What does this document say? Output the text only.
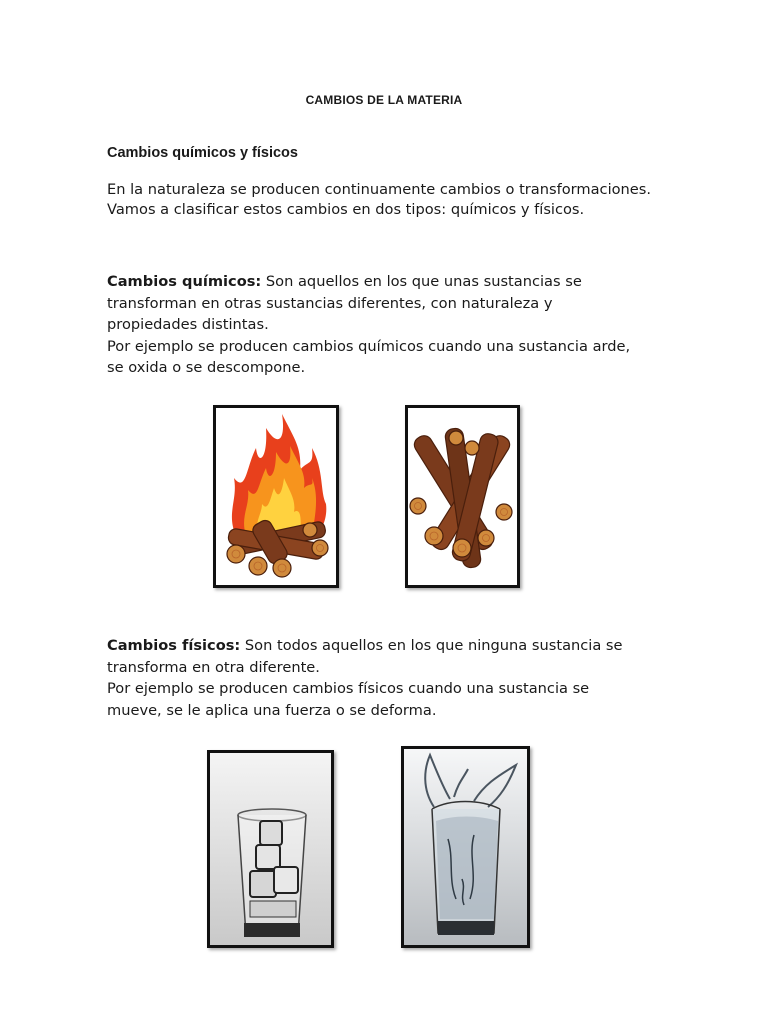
CAMBIOS DE LA MATERIA
Cambios químicos y físicos
En la naturaleza se producen continuamente cambios o transformaciones.
Vamos a clasificar estos cambios en dos tipos: químicos y físicos.
Cambios químicos: Son aquellos en los que unas sustancias se
transforman en otras sustancias diferentes, con naturaleza y
propiedades distintas.
Por ejemplo se producen cambios químicos cuando una sustancia arde,
se oxida o se descompone.
Cambios físicos: Son todos aquellos en los que ninguna sustancia se
transforma en otra diferente.
Por ejemplo se producen cambios físicos cuando una sustancia se
mueve, se le aplica una fuerza o se deforma.
